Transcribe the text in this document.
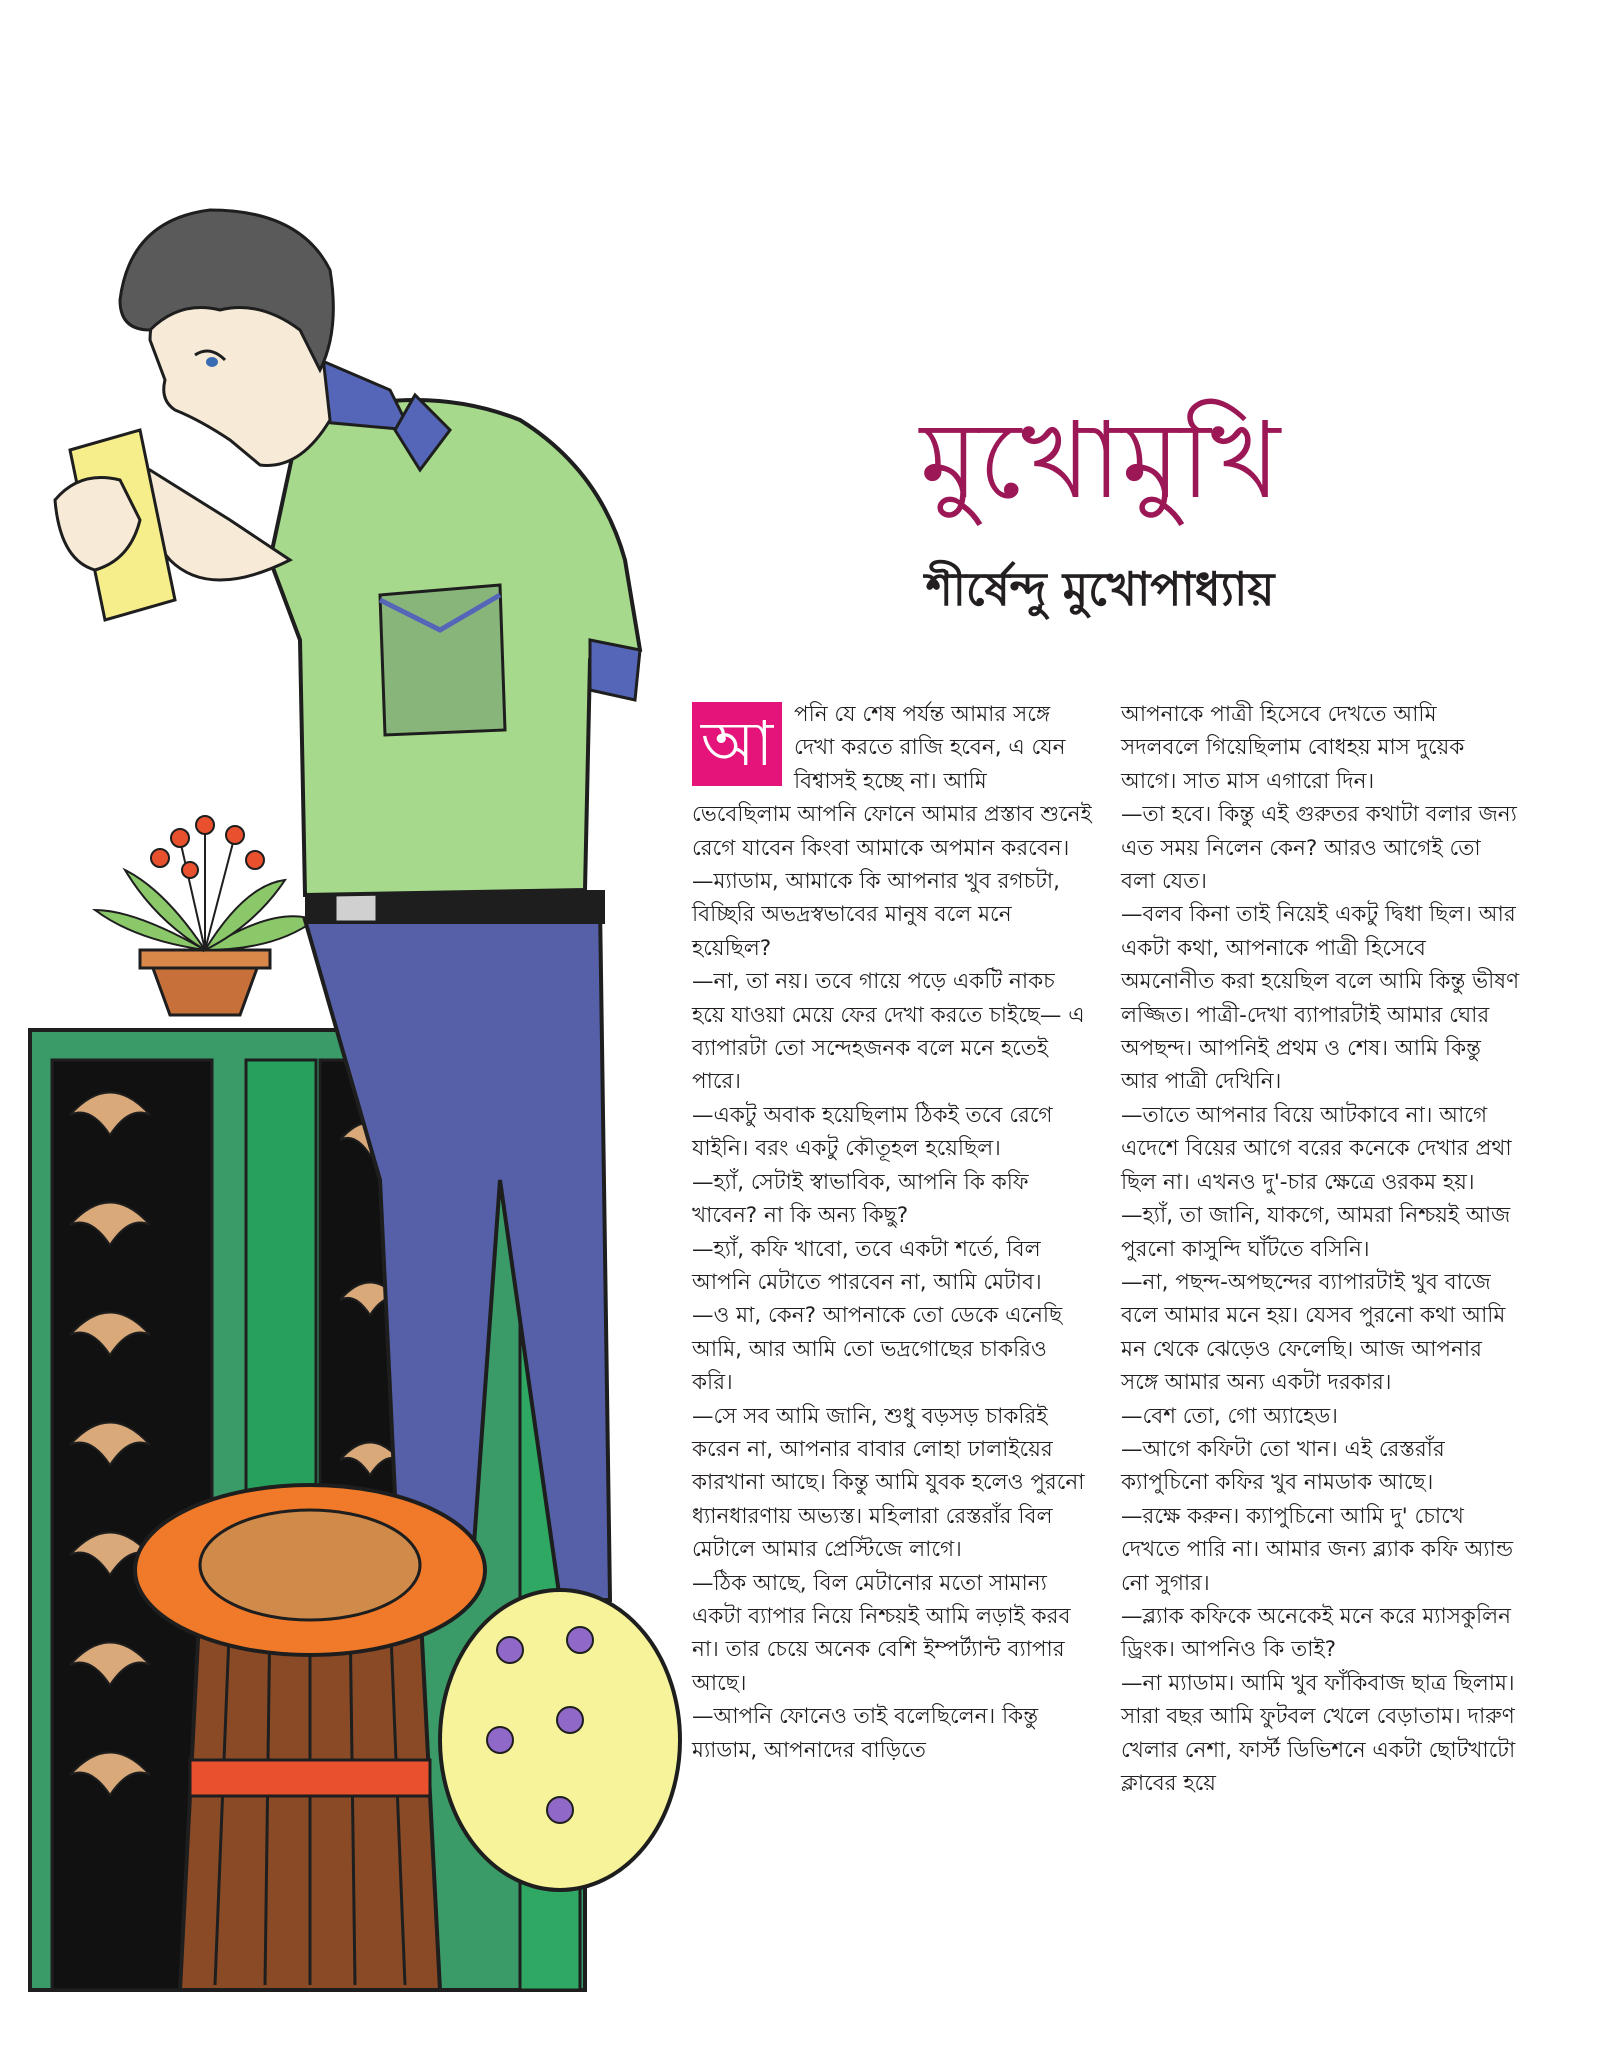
মুখোমুখি
শীর্ষেন্দু মুখোপাধ্যায়

আ পনি যে শেষ পর্যন্ত আমার সঙ্গে দেখা করতে রাজি হবেন, এ যেন বিশ্বাসই হচ্ছে না। আমি ভেবেছিলাম আপনি ফোনে আমার প্রস্তাব শুনেই রেগে যাবেন কিংবা আমাকে অপমান করবেন।

—ম্যাডাম, আমাকে কি আপনার খুব রগচটা, বিচ্ছিরি অভদ্রস্বভাবের মানুষ বলে মনে হয়েছিল?

—না, তা নয়। তবে গায়ে পড়ে একটি নাকচ হয়ে যাওয়া মেয়ে ফের দেখা করতে চাইছে— এ ব্যাপারটা তো সন্দেহজনক বলে মনে হতেই পারে।

—একটু অবাক হয়েছিলাম ঠিকই তবে রেগে যাইনি। বরং একটু কৌতূহল হয়েছিল।

—হ্যাঁ, সেটাই স্বাভাবিক, আপনি কি কফি খাবেন? না কি অন্য কিছু?

—হ্যাঁ, কফি খাবো, তবে একটা শর্তে, বিল আপনি মেটাতে পারবেন না, আমি মেটাব।

—ও মা, কেন? আপনাকে তো ডেকে এনেছি আমি, আর আমি তো ভদ্রগোছের চাকরিও করি।

—সে সব আমি জানি, শুধু বড়সড় চাকরিই করেন না, আপনার বাবার লোহা ঢালাইয়ের কারখানা আছে। কিন্তু আমি যুবক হলেও পুরনো ধ্যানধারণায় অভ্যস্ত। মহিলারা রেস্তরাঁর বিল মেটালে আমার প্রেস্টিজে লাগে।

—ঠিক আছে, বিল মেটানোর মতো সামান্য একটা ব্যাপার নিয়ে নিশ্চয়ই আমি লড়াই করব না। তার চেয়ে অনেক বেশি ইম্পর্ট্যান্ট ব্যাপার আছে।

—আপনি ফোনেও তাই বলেছিলেন। কিন্তু ম্যাডাম, আপনাদের বাড়িতে

আপনাকে পাত্রী হিসেবে দেখতে আমি সদলবলে গিয়েছিলাম বোধহয় মাস দুয়েক আগে। সাত মাস এগারো দিন।

—তা হবে। কিন্তু এই গুরুতর কথাটা বলার জন্য এত সময় নিলেন কেন? আরও আগেই তো বলা যেত।

—বলব কিনা তাই নিয়েই একটু দ্বিধা ছিল। আর একটা কথা, আপনাকে পাত্রী হিসেবে অমনোনীত করা হয়েছিল বলে আমি কিন্তু ভীষণ লজ্জিত। পাত্রী-দেখা ব্যাপারটাই আমার ঘোর অপছন্দ। আপনিই প্রথম ও শেষ। আমি কিন্তু আর পাত্রী দেখিনি।

—তাতে আপনার বিয়ে আটকাবে না। আগে এদেশে বিয়ের আগে বরের কনেকে দেখার প্রথা ছিল না। এখনও দু'-চার ক্ষেত্রে ওরকম হয়।

—হ্যাঁ, তা জানি, যাকগে, আমরা নিশ্চয়ই আজ পুরনো কাসুন্দি ঘাঁটতে বসিনি।

—না, পছন্দ-অপছন্দের ব্যাপারটাই খুব বাজে বলে আমার মনে হয়। যেসব পুরনো কথা আমি মন থেকে ঝেড়েও ফেলেছি। আজ আপনার সঙ্গে আমার অন্য একটা দরকার।

—বেশ তো, গো অ্যাহেড।

—আগে কফিটা তো খান। এই রেস্তরাঁর ক্যাপুচিনো কফির খুব নামডাক আছে।

—রক্ষে করুন। ক্যাপুচিনো আমি দু' চোখে দেখতে পারি না। আমার জন্য ব্ল্যাক কফি অ্যান্ড নো সুগার।

—ব্ল্যাক কফিকে অনেকেই মনে করে ম্যাসকুলিন ড্রিংক। আপনিও কি তাই?

—না ম্যাডাম। আমি খুব ফাঁকিবাজ ছাত্র ছিলাম। সারা বছর আমি ফুটবল খেলে বেড়াতাম। দারুণ খেলার নেশা, ফার্স্ট ডিভিশনে একটা ছোটখাটো ক্লাবের হয়ে
